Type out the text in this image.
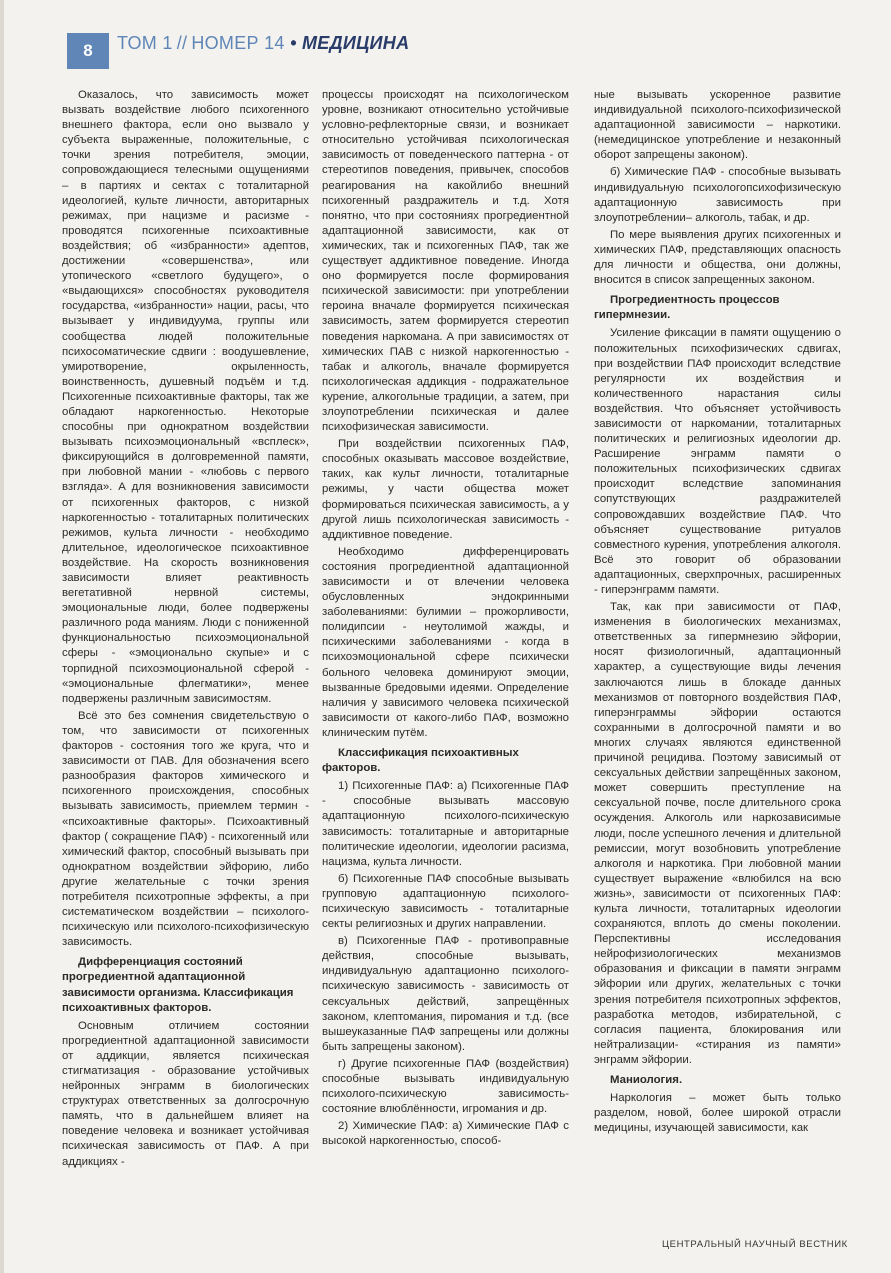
8 ТОМ 1 // НОМЕР 14 • МЕДИЦИНА

Оказалось, что зависимость может вызвать воздействие любого психогенного внешнего фактора, если оно вызвало у субъекта выраженные, положительные, с точки зрения потребителя, эмоции, сопровождающиеся телесными ощущениями – в партиях и сектах с тоталитарной идеологией, культе личности, авторитарных режимах, при нацизме и расизме - проводятся психогенные психоактивные воздействия; об «избранности» адептов, достижении «совершенства», или утопического «светлого будущего», о «выдающихся» способностях руководителя государства, «избранности» нации, расы, что вызывает у индивидуума, группы или сообщества людей положительные психосоматические сдвиги : воодушевление, умиротворение, окрыленность, воинственность, душевный подъём и т.д. Психогенные психоактивные факторы, так же обладают наркогенностью. Некоторые способны при однократном воздействии вызывать психоэмоциональный «всплеск», фиксирующийся в долговременной памяти, при любовной мании - «любовь с первого взгляда». А для возникновения зависимости от психогенных факторов, с низкой наркогенностью - тоталитарных политических режимов, культа личности - необходимо длительное, идеологическое психоактивное воздействие. На скорость возникновения зависимости влияет реактивность вегетативной нервной системы, эмоциональные люди, более подвержены различного рода маниям. Люди с пониженной функциональностью психоэмоциональной сферы - «эмоционально скупые» и с торпидной психоэмоциональной сферой - «эмоциональные флегматики», менее подвержены различным зависимостям.

Всё это без сомнения свидетельствую о том, что зависимости от психогенных факторов - состояния того же круга, что и зависимости от ПАВ. Для обозначения всего разнообразия факторов химического и психогенного происхождения, способных вызывать зависимость, приемлем термин - «психоактивные факторы». Психоактивный фактор ( сокращение ПАФ) - психогенный или химический фактор, способный вызывать при однократном воздействии эйфорию, либо другие желательные с точки зрения потребителя психотропные эффекты, а при систематическом воздействии – психолого-психическую или психолого-психофизическую зависимость.

Дифференциация состояний прогредиентной адаптационной зависимости организма. Классификация психоактивных факторов.

Основным отличием состоянии прогредиентной адаптационной зависимости от аддикции, является психическая стигматизация - образование устойчивых нейронных энграмм в биологических структурах ответственных за долгосрочную память, что в дальнейшем влияет на поведение человека и возникает устойчивая психическая зависимость от ПАФ. А при аддикциях -

процессы происходят на психологическом уровне, возникают относительно устойчивые условно-рефлекторные связи, и возникает относительно устойчивая психологическая зависимость от поведенческого паттерна - от стереотипов поведения, привычек, способов реагирования на какойлибо внешний психогенный раздражитель и т.д. Хотя понятно, что при состояниях прогредиентной адаптационной зависимости, как от химических, так и психогенных ПАФ, так же существует аддиктивное поведение. Иногда оно формируется после формирования психической зависимости: при употреблении героина вначале формируется психическая зависимость, затем формируется стереотип поведения наркомана. А при зависимостях от химических ПАВ с низкой наркогенностью - табак и алкоголь, вначале формируется психологическая аддикция - подражательное курение, алкогольные традиции, а затем, при злоупотреблении психическая и далее психофизическая зависимости.

При воздействии психогенных ПАФ, способных оказывать массовое воздействие, таких, как культ личности, тоталитарные режимы, у части общества может формироваться психическая зависимость, а у другой лишь психологическая зависимость - аддиктивное поведение.

Необходимо дифференцировать состояния прогредиентной адаптационной зависимости и от влечении человека обусловленных эндокринными заболеваниями: булимии – прожорливости, полидипсии - неутолимой жажды, и психическими заболеваниями - когда в психоэмоциональной сфере психически больного человека доминируют эмоции, вызванные бредовыми идеями. Определение наличия у зависимого человека психической зависимости от какого-либо ПАФ, возможно клиническим путём.

Классификация психоактивных факторов.

1) Психогенные ПАФ: а) Психогенные ПАФ - способные вызывать массовую адаптационную психолого-психическую зависимость: тоталитарные и авторитарные политические идеологии, идеологии расизма, нацизма, культа личности.

б) Психогенные ПАФ способные вызывать групповую адаптационную психолого-психическую зависимость - тоталитарные секты религиозных и других направлении.

в) Психогенные ПАФ - противоправные действия, способные вызывать, индивидуальную адаптационно психолого-психическую зависимость - зависимость от сексуальных действий, запрещённых законом, клептомания, пиромания и т.д. (все вышеуказанные ПАФ запрещены или должны быть запрещены законом).

г) Другие психогенные ПАФ (воздействия) способные вызывать индивидуальную психолого-психическую зависимость-состояние влюблённости, игромания и др.

2) Химические ПАФ: а) Химические ПАФ с высокой наркогенностью, способ-

ные вызывать ускоренное развитие индивидуальной психолого-психофизической адаптационной зависимости – наркотики. (немедицинское употребление и незаконный оборот запрещены законом).

б) Химические ПАФ - способные вызывать индивидуальную психологопсихофизическую адаптационную зависимость при злоупотреблении– алкоголь, табак, и др.

По мере выявления других психогенных и химических ПАФ, представляющих опасность для личности и общества, они должны, вносится в список запрещенных законом.

Прогредиентность процессов гипермнезии.

Усиление фиксации в памяти ощущению о положительных психофизических сдвигах, при воздействии ПАФ происходит вследствие регулярности их воздействия и количественного нарастания силы воздействия. Что объясняет устойчивость зависимости от наркомании, тоталитарных политических и религиозных идеологии др. Расширение энграмм памяти о положительных психофизических сдвигах происходит вследствие запоминания сопутствующих раздражителей сопровождавших воздействие ПАФ. Что объясняет существование ритуалов совместного курения, употребления алкоголя. Всё это говорит об образовании адаптационных, сверхпрочных, расширенных - гиперэнграмм памяти.

Так, как при зависимости от ПАФ, изменения в биологических механизмах, ответственных за гипермнезию эйфории, носят физиологичный, адаптационный характер, а существующие виды лечения заключаются лишь в блокаде данных механизмов от повторного воздействия ПАФ, гиперэнграммы эйфории остаются сохранными в долгосрочной памяти и во многих случаях являются единственной причиной рецидива. Поэтому зависимый от сексуальных действии запрещённых законом, может совершить преступление на сексуальной почве, после длительного срока осуждения. Алкоголь или наркозависимые люди, после успешного лечения и длительной ремиссии, могут возобновить употребление алкоголя и наркотика. При любовной мании существует выражение «влюбился на всю жизнь», зависимости от психогенных ПАФ: культа личности, тоталитарных идеологии сохраняются, вплоть до смены поколении. Перспективны исследования нейрофизиологических механизмов образования и фиксации в памяти энграмм эйфории или других, желательных с точки зрения потребителя психотропных эффектов, разработка методов, избирательной, с согласия пациента, блокирования или нейтрализации- «стирания из памяти» энграмм эйфории.

Маниология.

Наркология – может быть только разделом, новой, более широкой отрасли медицины, изучающей зависимости, как

ЦЕНТРАЛЬНЫЙ НАУЧНЫЙ ВЕСТНИК
